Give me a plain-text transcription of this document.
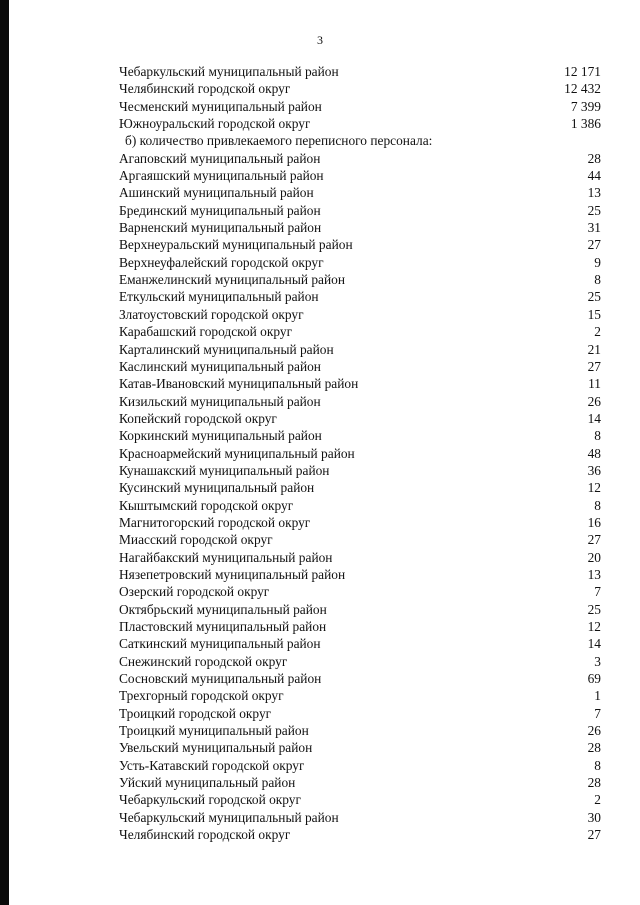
3
Чебаркульский муниципальный район	12 171
Челябинский городской округ	12 432
Чесменский муниципальный район	7 399
Южноуральский городской округ	1 386
б) количество привлекаемого переписного персонала:
Агаповский муниципальный район	28
Аргаяшский муниципальный район	44
Ашинский муниципальный район	13
Брединский муниципальный район	25
Варненский муниципальный район	31
Верхнеуральский муниципальный район	27
Верхнеуфалейский городской округ	9
Еманжелинский муниципальный район	8
Еткульский муниципальный район	25
Златоустовский городской округ	15
Карабашский городской округ	2
Карталинский муниципальный район	21
Каслинский муниципальный район	27
Катав-Ивановский муниципальный район	11
Кизильский муниципальный район	26
Копейский городской округ	14
Коркинский муниципальный район	8
Красноармейский муниципальный район	48
Кунашакский муниципальный район	36
Кусинский муниципальный район	12
Кыштымский городской округ	8
Магнитогорский городской округ	16
Миасский городской округ	27
Нагайбакский муниципальный район	20
Нязепетровский муниципальный район	13
Озерский городской округ	7
Октябрьский муниципальный район	25
Пластовский муниципальный район	12
Саткинский муниципальный район	14
Снежинский городской округ	3
Сосновский муниципальный район	69
Трехгорный городской округ	1
Троицкий городской округ	7
Троицкий муниципальный район	26
Увельский муниципальный район	28
Усть-Катавский городской округ	8
Уйский муниципальный район	28
Чебаркульский городской округ	2
Чебаркульский муниципальный район	30
Челябинский городской округ	27
